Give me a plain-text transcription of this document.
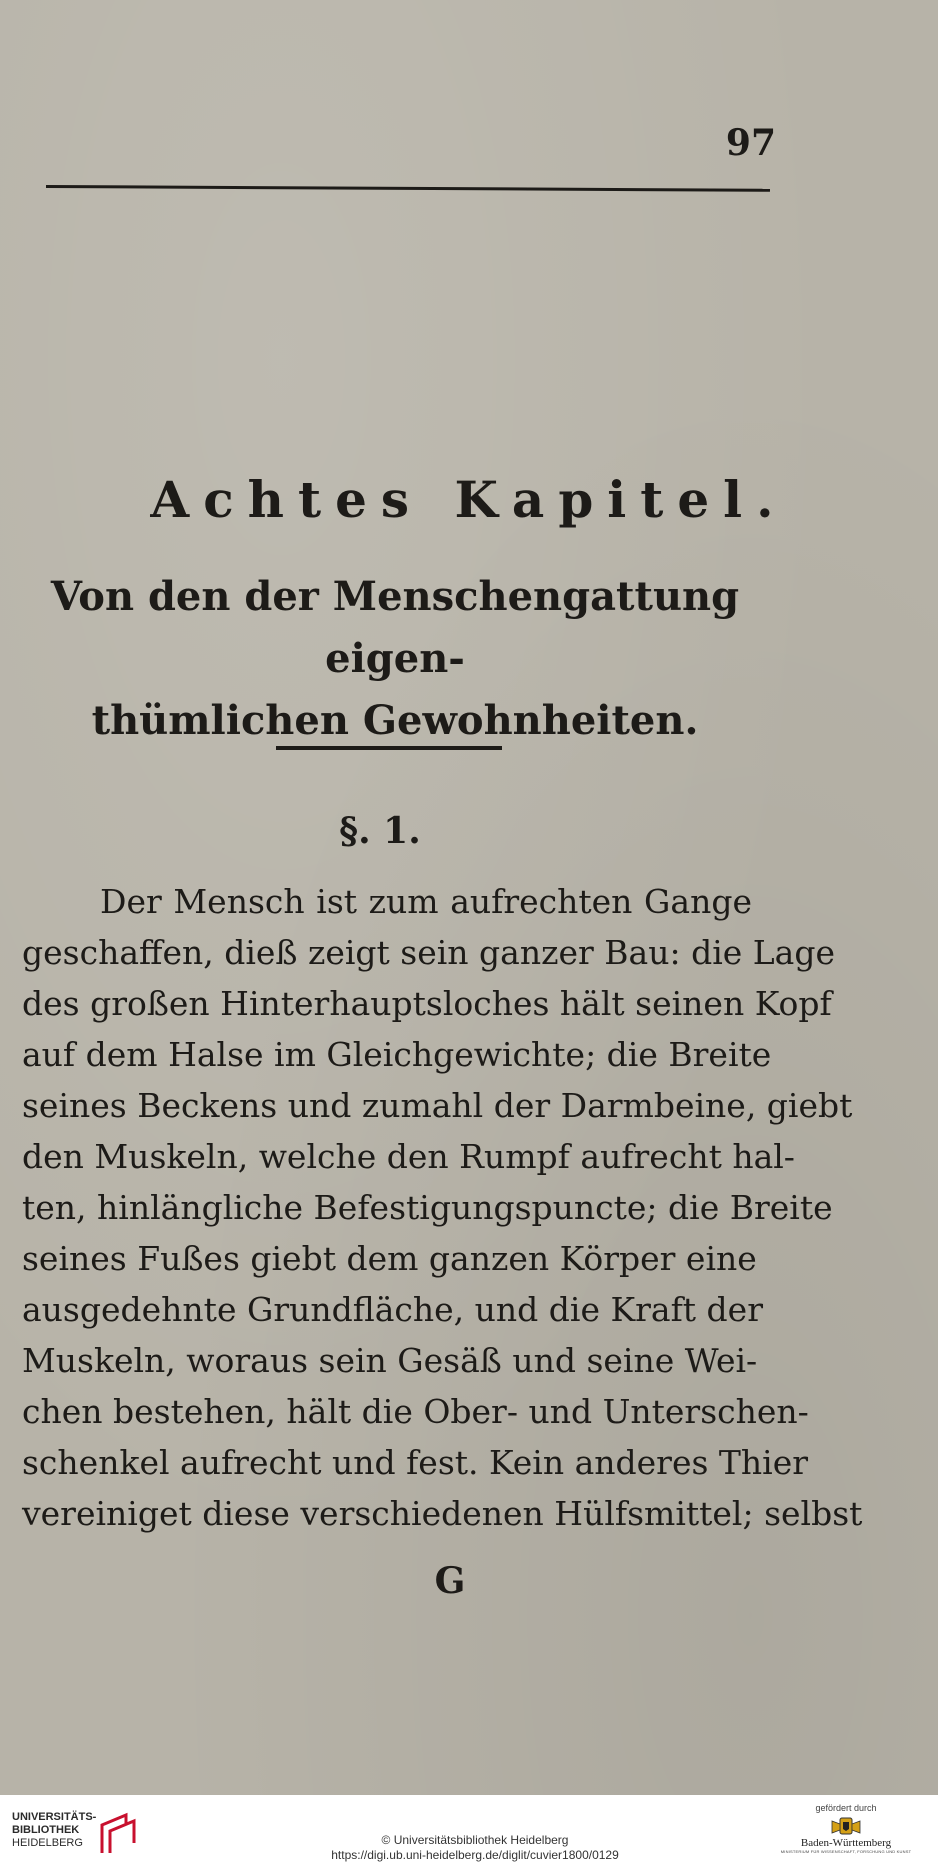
97
Achtes Kapitel.
Von den der Menschengattung eigen-
thümlichen Gewohnheiten.
§. 1.
Der Mensch ist zum aufrechten Gange
geschaffen, dieß zeigt sein ganzer Bau: die Lage
des großen Hinterhauptsloches hält seinen Kopf
auf dem Halse im Gleichgewichte; die Breite
seines Beckens und zumahl der Darmbeine, giebt
den Muskeln, welche den Rumpf aufrecht hal-
ten, hinlängliche Befestigungspuncte; die Breite
seines Fußes giebt dem ganzen Körper eine
ausgedehnte Grundfläche, und die Kraft der
Muskeln, woraus sein Gesäß und seine Wei-
chen bestehen, hält die Ober- und Unterschen-
schenkel aufrecht und fest. Kein anderes Thier
vereiniget diese verschiedenen Hülfsmittel; selbst
G
UNIVERSITÄTS-
BIBLIOTHEK
HEIDELBERG	© Universitätsbibliothek Heidelberg
https://digi.ub.uni-heidelberg.de/diglit/cuvier1800/0129
gefördert durch
Baden-Württemberg
MINISTERIUM FÜR WISSENSCHAFT, FORSCHUNG UND KUNST
